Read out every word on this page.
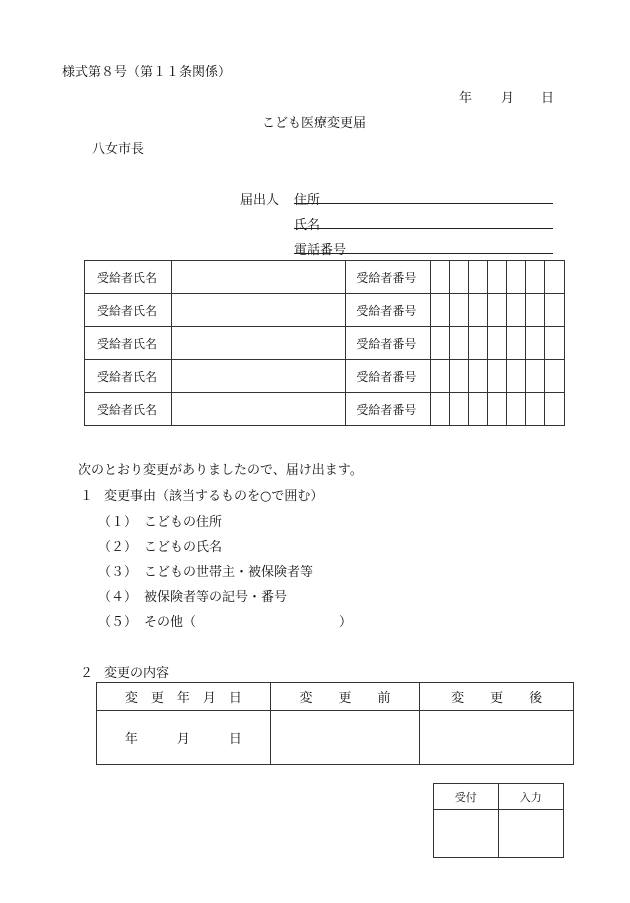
様式第８号（第１１条関係）
年 月 日
こども医療変更届
八女市長
届出人 住所
氏名
電話番号
受給者氏名		受給者番号							
受給者氏名		受給者番号							
受給者氏名		受給者番号							
受給者氏名		受給者番号							
受給者氏名		受給者番号							
次のとおり変更がありましたので、届け出ます。
１ 変更事由（該当するものを○で囲む）
（１） こどもの住所
（２） こどもの氏名
（３） こどもの世帯主・被保険者等
（４） 被保険者等の記号・番号
（５） その他（　　　　　　　　　　　）
２ 変更の内容
変　更　年　月　日	変　　更　　前	変　　更　　後
年　　　月　　　日		
受付	入力
